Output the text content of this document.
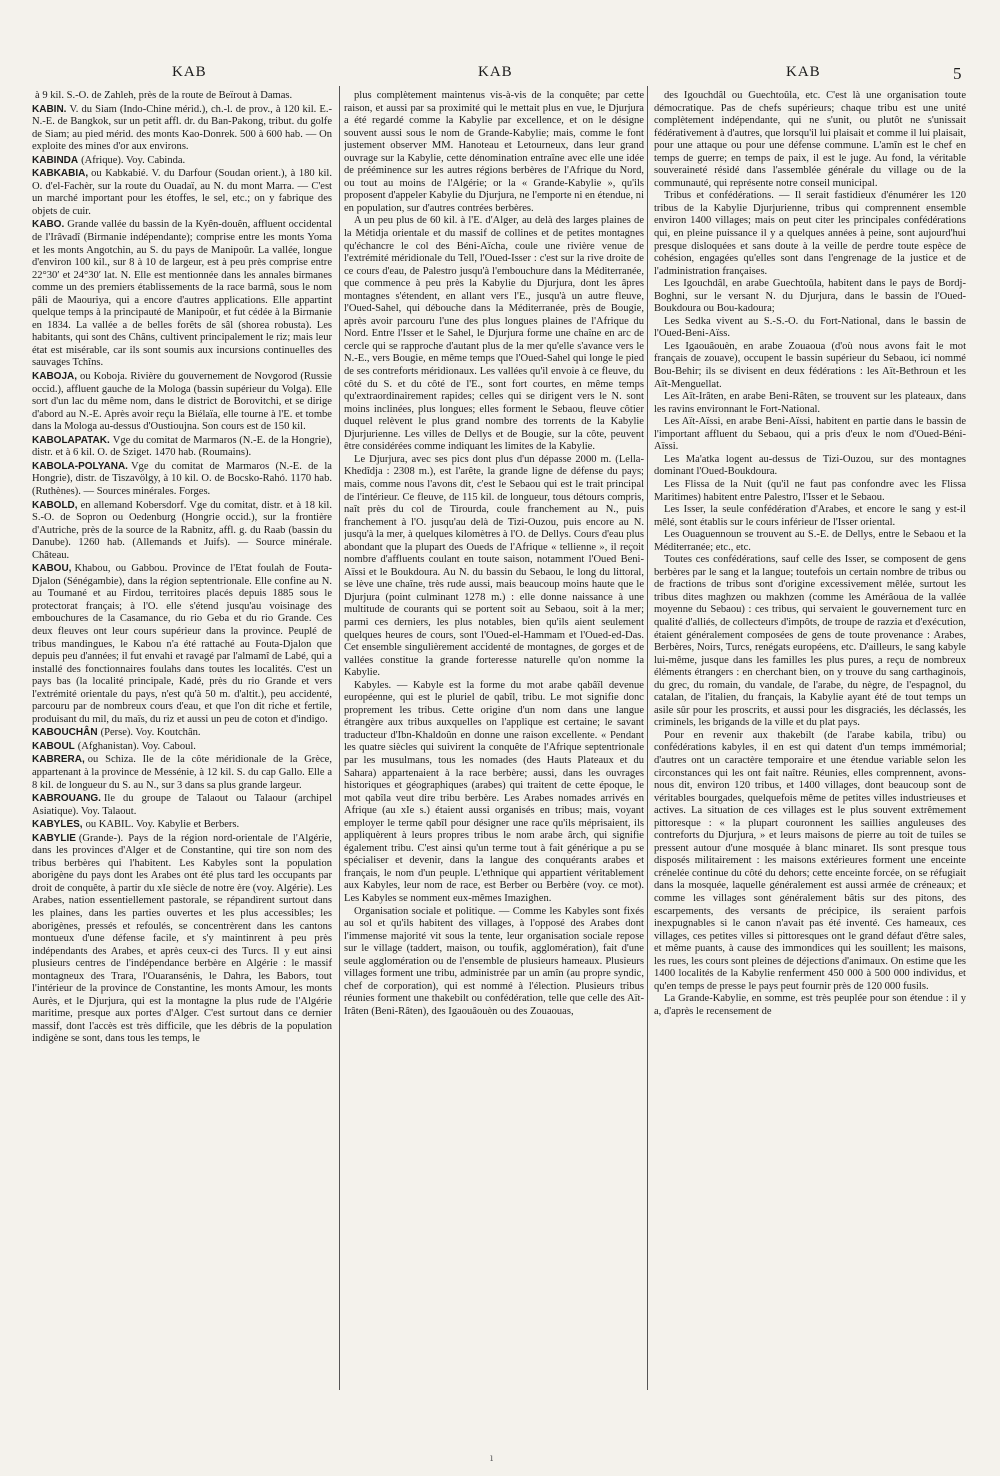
KAB	KAB	KAB	5
à 9 kil. S.-O. de Zahleh, près de la route de Beïrout à Damas.
KABIN. V. du Siam (Indo-Chine mérid.), ch.-l. de prov., à 120 kil. E.-N.-E. de Bangkok, sur un petit affl. dr. du Ban-Pakong, tribut. du golfe de Siam; au pied mérid. des monts Kao-Donrek. 500 à 600 hab. — On exploite des mines d'or aux environs.
KABINDA (Afrique). Voy. Cabinda.
KABKABIA, ou Kabkabié. V. du Darfour (Soudan orient.), à 180 kil. O. d'el-Fachèr, sur la route du Ouadaï, au N. du mont Marra. — C'est un marché important pour les étoffes, le sel, etc.; on y fabrique des objets de cuir.
KABO. Grande vallée du bassin de la Kyên-douên, affluent occidental de l'Irâvadî (Birmanie indépendante); comprise entre les monts Yoma et les monts Angotchin, au S. du pays de Manipoûr. La vallée, longue d'environ 100 kil., sur 8 à 10 de largeur, est à peu près comprise entre 22°30′ et 24°30′ lat. N. Elle est mentionnée dans les annales birmanes comme un des premiers établissements de la race barmâ, sous le nom pâli de Maouriya, qui a encore d'autres applications. Elle appartint quelque temps à la principauté de Manipoûr, et fut cédée à la Birmanie en 1834. La vallée a de belles forêts de sâl (shorea robusta). Les habitants, qui sont des Châns, cultivent principalement le riz; mais leur état est misérable, car ils sont soumis aux incursions continuelles des sauvages Tchîns.
KABOJA, ou Koboja. Rivière du gouvernement de Novgorod (Russie occid.), affluent gauche de la Mologa (bassin supérieur du Volga). Elle sort d'un lac du même nom, dans le district de Borovitchi, et se dirige d'abord au N.-E. Après avoir reçu la Biélaïa, elle tourne à l'E. et tombe dans la Mologa au-dessus d'Oustioujna. Son cours est de 150 kil.
KABOLAPATAK. Vge du comitat de Marmaros (N.-E. de la Hongrie), distr. et à 6 kil. O. de Sziget. 1470 hab. (Roumains).
KABOLA-POLYANA. Vge du comitat de Marmaros (N.-E. de la Hongrie), distr. de Tiszavölgy, à 10 kil. O. de Bocsko-Rahó. 1170 hab. (Ruthènes). — Sources minérales. Forges.
KABOLD, en allemand Kobersdorf. Vge du comitat, distr. et à 18 kil. S.-O. de Sopron ou Oedenburg (Hongrie occid.), sur la frontière d'Autriche, près de la source de la Rabnitz, affl. g. du Raab (bassin du Danube). 1260 hab. (Allemands et Juifs). — Source minérale. Château.
KABOU, Khabou, ou Gabbou. Province de l'Etat foulah de Fouta-Djalon (Sénégambie), dans la région septentrionale. Elle confine au N. au Toumané et au Firdou, territoires placés depuis 1885 sous le protectorat français; à l'O. elle s'étend jusqu'au voisinage des embouchures de la Casamance, du rio Geba et du rio Grande. Ces deux fleuves ont leur cours supérieur dans la province. Peuplé de tribus mandingues, le Kabou n'a été rattaché au Fouta-Djalon que depuis peu d'années; il fut envahi et ravagé par l'almamî de Labé, qui a installé des fonctionnaires foulahs dans toutes les localités. C'est un pays bas (la localité principale, Kadé, près du rio Grande et vers l'extrémité orientale du pays, n'est qu'à 50 m. d'altit.), peu accidenté, parcouru par de nombreux cours d'eau, et que l'on dit riche et fertile, produisant du mil, du maïs, du riz et aussi un peu de coton et d'indigo.
KABOUCHÂN (Perse). Voy. Koutchân.
KABOUL (Afghanistan). Voy. Caboul.
KABRERA, ou Schiza. Ile de la côte méridionale de la Grèce, appartenant à la province de Messénie, à 12 kil. S. du cap Gallo. Elle a 8 kil. de longueur du S. au N., sur 3 dans sa plus grande largeur.
KABROUANG. Ile du groupe de Talaout ou Talaour (archipel Asiatique). Voy. Talaout.
KABYLES, ou KABIL. Voy. Kabylie et Berbers.
KABYLIE (Grande-). Pays de la région nord-orientale de l'Algérie, dans les provinces d'Alger et de Constantine, qui tire son nom des tribus berbères qui l'habitent. Les Kabyles sont la population aborigène du pays dont les Arabes ont été plus tard les occupants par droit de conquête, à partir du xIe siècle de notre ère (voy. Algérie). Les Arabes, nation essentiellement pastorale, se répandirent surtout dans les plaines, dans les parties ouvertes et les plus accessibles; les aborigènes, pressés et refoulés, se concentrèrent dans les cantons montueux d'une défense facile, et s'y maintinrent à peu près indépendants des Arabes, et après ceux-ci des Turcs. Il y eut ainsi plusieurs centres de l'indépendance berbère en Algérie : le massif montagneux des Trara, l'Ouaransénis, le Dahra, les Babors, tout l'intérieur de la province de Constantine, les monts Amour, les monts Aurès, et le Djurjura, qui est la montagne la plus rude de l'Algérie maritime, presque aux portes d'Alger. C'est surtout dans ce dernier massif, dont l'accès est très difficile, que les débris de la population indigène se sont, dans tous les temps, le

plus complètement maintenus vis-à-vis de la conquête; par cette raison, et aussi par sa proximité qui le mettait plus en vue, le Djurjura a été regardé comme la Kabylie par excellence, et on le désigne souvent aussi sous le nom de Grande-Kabylie; mais, comme le font justement observer MM. Hanoteau et Letourneux, dans leur grand ouvrage sur la Kabylie, cette dénomination entraîne avec elle une idée de prééminence sur les autres régions berbères de l'Afrique du Nord, ou tout au moins de l'Algérie; or la « Grande-Kabylie », qu'ils proposent d'appeler Kabylie du Djurjura, ne l'emporte ni en étendue, ni en population, sur d'autres contrées berbères.

A un peu plus de 60 kil. à l'E. d'Alger, au delà des larges plaines de la Métidja orientale et du massif de collines et de petites montagnes qu'échancre le col des Béni-Aïcha, coule une rivière venue de l'extrémité méridionale du Tell, l'Oued-Isser : c'est sur la rive droite de ce cours d'eau, de Palestro jusqu'à l'embouchure dans la Méditerranée, que commence à peu près la Kabylie du Djurjura, dont les âpres montagnes s'étendent, en allant vers l'E., jusqu'à un autre fleuve, l'Oued-Sahel, qui débouche dans la Méditerranée, près de Bougie, après avoir parcouru l'une des plus longues plaines de l'Afrique du Nord. Entre l'Isser et le Sahel, le Djurjura forme une chaîne en arc de cercle qui se rapproche d'autant plus de la mer qu'elle s'avance vers le N.-E., vers Bougie, en même temps que l'Oued-Sahel qui longe le pied de ses contreforts méridionaux. Les vallées qu'il envoie à ce fleuve, du côté du S. et du côté de l'E., sont fort courtes, en même temps qu'extraordinairement rapides; celles qui se dirigent vers le N. sont moins inclinées, plus longues; elles forment le Sebaou, fleuve côtier duquel relèvent le plus grand nombre des torrents de la Kabylie Djurjurienne. Les villes de Dellys et de Bougie, sur la côte, peuvent être considérées comme indiquant les limites de la Kabylie.

Le Djurjura, avec ses pics dont plus d'un dépasse 2000 m. (Lella-Khedîdja : 2308 m.), est l'arête, la grande ligne de défense du pays; mais, comme nous l'avons dit, c'est le Sebaou qui est le trait principal de l'intérieur. Ce fleuve, de 115 kil. de longueur, tous détours compris, naît près du col de Tirourda, coule franchement au N., puis franchement à l'O. jusqu'au delà de Tizi-Ouzou, puis encore au N. jusqu'à la mer, à quelques kilomètres à l'O. de Dellys. Cours d'eau plus abondant que la plupart des Oueds de l'Afrique « tellienne », il reçoit nombre d'affluents coulant en toute saison, notamment l'Oued Beni-Aïssi et le Boukdoura. Au N. du bassin du Sebaou, le long du littoral, se lève une chaîne, très rude aussi, mais beaucoup moins haute que le Djurjura (point culminant 1278 m.) : elle donne naissance à une multitude de courants qui se portent soit au Sebaou, soit à la mer; parmi ces derniers, les plus notables, bien qu'ils aient seulement quelques heures de cours, sont l'Oued-el-Hammam et l'Oued-ed-Das. Cet ensemble singulièrement accidenté de montagnes, de gorges et de vallées constitue la grande forteresse naturelle qu'on nomme la Kabylie.

Kabyles. — Kabyle est la forme du mot arabe qabâïl devenue européenne, qui est le pluriel de qabîl, tribu. Le mot signifie donc proprement les tribus. Cette origine d'un nom dans une langue étrangère aux tribus auxquelles on l'applique est certaine; le savant traducteur d'Ibn-Khaldoûn en donne une raison excellente. « Pendant les quatre siècles qui suivirent la conquête de l'Afrique septentrionale par les musulmans, tous les nomades (des Hauts Plateaux et du Sahara) appartenaient à la race berbère; aussi, dans les ouvrages historiques et géographiques (arabes) qui traitent de cette époque, le mot qabîla veut dire tribu berbère. Les Arabes nomades arrivés en Afrique (au xIe s.) étaient aussi organisés en tribus; mais, voyant employer le terme qabîl pour désigner une race qu'ils méprisaient, ils appliquèrent à leurs propres tribus le nom arabe ârch, qui signifie également tribu. C'est ainsi qu'un terme tout à fait générique a pu se spécialiser et devenir, dans la langue des conquérants arabes et français, le nom d'un peuple. L'ethnique qui appartient véritablement aux Kabyles, leur nom de race, est Berber ou Berbère (voy. ce mot). Les Kabyles se nomment eux-mêmes Imazighen.

Organisation sociale et politique. — Comme les Kabyles sont fixés au sol et qu'ils habitent des villages, à l'opposé des Arabes dont l'immense majorité vit sous la tente, leur organisation sociale repose sur le village (taddert, maison, ou toufik, agglomération), fait d'une seule agglomération ou de l'ensemble de plusieurs hameaux. Plusieurs villages forment une tribu, administrée par un amîn (au propre syndic, chef de corporation), qui est nommé à l'élection. Plusieurs tribus réunies forment une thakebilt ou confédération, telle que celle des Aït-Irâten (Beni-Râten), des Igaouâouèn ou des Zouaouas,

des Igouchdâl ou Guechtoûla, etc. C'est là une organisation toute démocratique. Pas de chefs supérieurs; chaque tribu est une unité complètement indépendante, qui ne s'unit, ou plutôt ne s'unissait fédérativement à d'autres, que lorsqu'il lui plaisait et comme il lui plaisait, pour une attaque ou pour une défense commune. L'amîn est le chef en temps de guerre; en temps de paix, il est le juge. Au fond, la véritable souveraineté résidé dans l'assemblée générale du village ou de la communauté, qui représente notre conseil municipal.

Tribus et confédérations. — Il serait fastidieux d'énumérer les 120 tribus de la Kabylie Djurjurienne, tribus qui comprennent ensemble environ 1400 villages; mais on peut citer les principales confédérations qui, en pleine puissance il y a quelques années à peine, sont aujourd'hui presque disloquées et sans doute à la veille de perdre toute espèce de cohésion, engagées qu'elles sont dans l'engrenage de la justice et de l'administration françaises.

Les Igouchdâl, en arabe Guechtoûla, habitent dans le pays de Bordj-Boghni, sur le versant N. du Djurjura, dans le bassin de l'Oued-Boukdoura ou Bou-kadoura;

Les Sedka vivent au S.-S.-O. du Fort-National, dans le bassin de l'Oued-Beni-Aïss.

Les Igaouâouèn, en arabe Zouaoua (d'où nous avons fait le mot français de zouave), occupent le bassin supérieur du Sebaou, ici nommé Bou-Behir; ils se divisent en deux fédérations : les Aït-Bethroun et les Aït-Menguellat.

Les Aït-Irâten, en arabe Beni-Râten, se trouvent sur les plateaux, dans les ravins environnant le Fort-National.

Les Aït-Aïssi, en arabe Beni-Aïssi, habitent en partie dans le bassin de l'important affluent du Sebaou, qui a pris d'eux le nom d'Oued-Béni-Aïssi.

Les Ma'atka logent au-dessus de Tizi-Ouzou, sur des montagnes dominant l'Oued-Boukdoura.

Les Flissa de la Nuit (qu'il ne faut pas confondre avec les Flissa Maritimes) habitent entre Palestro, l'Isser et le Sebaou.

Les Isser, la seule confédération d'Arabes, et encore le sang y est-il mêlé, sont établis sur le cours inférieur de l'Isser oriental.

Les Ouaguennoun se trouvent au S.-E. de Dellys, entre le Sebaou et la Méditerranée; etc., etc.

Toutes ces confédérations, sauf celle des Isser, se composent de gens berbères par le sang et la langue; toutefois un certain nombre de tribus ou de fractions de tribus sont d'origine excessivement mêlée, surtout les tribus dites maghzen ou makhzen (comme les Amérâoua de la vallée moyenne du Sebaou) : ces tribus, qui servaient le gouvernement turc en qualité d'alliés, de collecteurs d'impôts, de troupe de razzia et d'exécution, étaient généralement composées de gens de toute provenance : Arabes, Berbères, Noirs, Turcs, renégats européens, etc. D'ailleurs, le sang kabyle lui-même, jusque dans les familles les plus pures, a reçu de nombreux éléments étrangers : en cherchant bien, on y trouve du sang carthaginois, du grec, du romain, du vandale, de l'arabe, du nègre, de l'espagnol, du catalan, de l'italien, du français, la Kabylie ayant été de tout temps un asile sûr pour les proscrits, et aussi pour les disgraciés, les déclassés, les criminels, les brigands de la ville et du plat pays.

Pour en revenir aux thakebilt (de l'arabe kabila, tribu) ou confédérations kabyles, il en est qui datent d'un temps immémorial; d'autres ont un caractère temporaire et une étendue variable selon les circonstances qui les ont fait naître. Réunies, elles comprennent, avons-nous dit, environ 120 tribus, et 1400 villages, dont beaucoup sont de véritables bourgades, quelquefois même de petites villes industrieuses et actives. La situation de ces villages est le plus souvent extrêmement pittoresque : « la plupart couronnent les saillies anguleuses des contreforts du Djurjura, » et leurs maisons de pierre au toit de tuiles se pressent autour d'une mosquée à blanc minaret. Ils sont presque tous disposés militairement : les maisons extérieures forment une enceinte crénelée continue du côté du dehors; cette enceinte forcée, on se réfugiait dans la mosquée, laquelle généralement est aussi armée de créneaux; et comme les villages sont généralement bâtis sur des pitons, des escarpements, des versants de précipice, ils seraient parfois inexpugnables si le canon n'avait pas été inventé. Ces hameaux, ces villages, ces petites villes si pittoresques ont le grand défaut d'être sales, et même puants, à cause des immondices qui les souillent; les maisons, les rues, les cours sont pleines de déjections d'animaux. On estime que les 1400 localités de la Kabylie renferment 450 000 à 500 000 individus, et qu'en temps de presse le pays peut fournir près de 120 000 fusils.

La Grande-Kabylie, en somme, est très peuplée pour son étendue : il y a, d'après le recensement de

ı
